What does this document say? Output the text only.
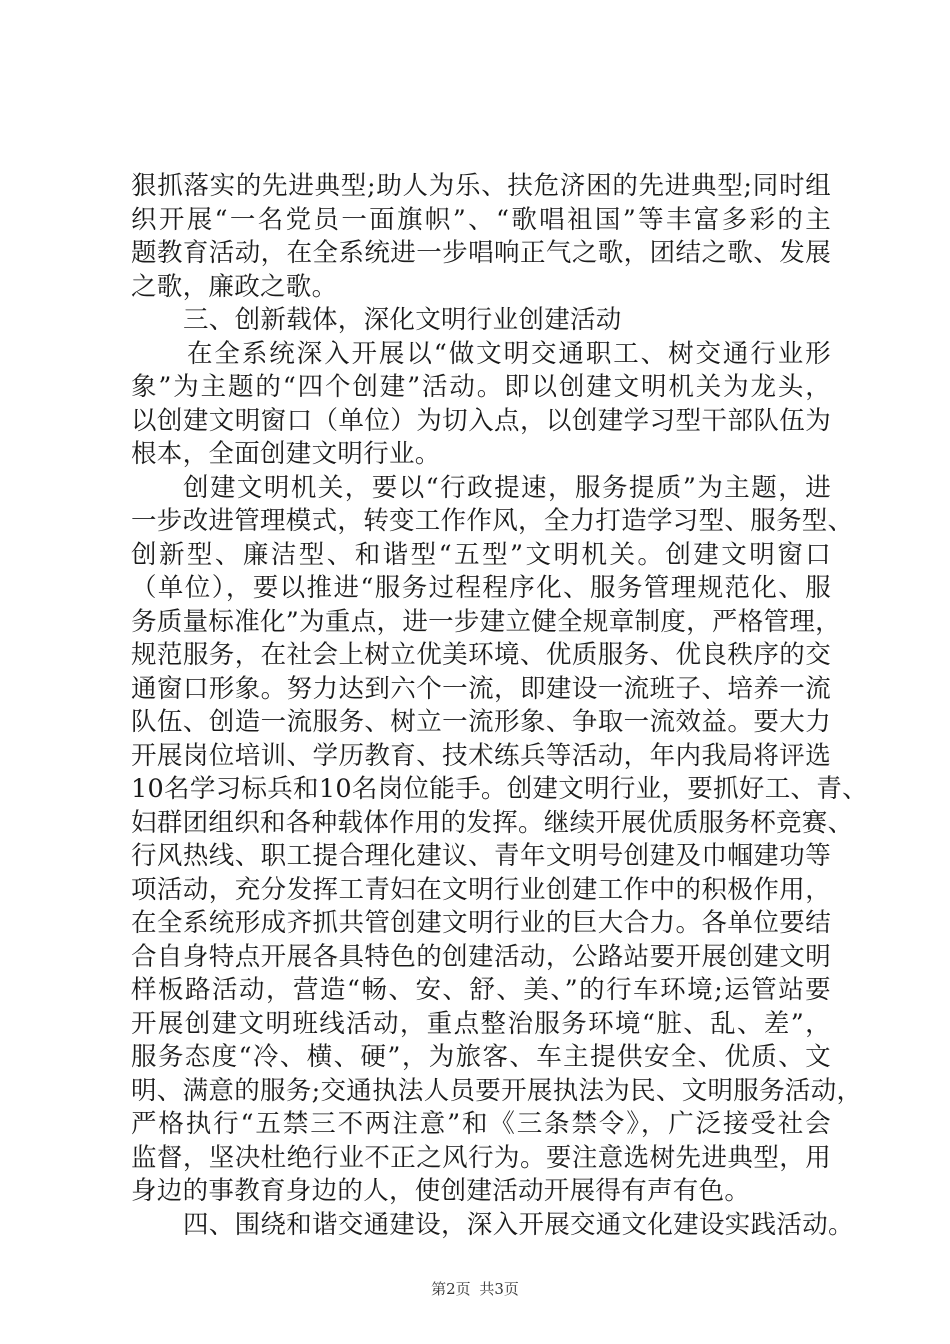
狠抓落实的先进典型;助人为乐、扶危济困的先进典型;同时组
织开展“一名党员一面旗帜”、“歌唱祖国”等丰富多彩的主
题教育活动，在全系统进一步唱响正气之歌，团结之歌、发展
之歌，廉政之歌。
三、创新载体，深化文明行业创建活动
在全系统深入开展以“做文明交通职工、树交通行业形
象”为主题的“四个创建”活动。即以创建文明机关为龙头，
以创建文明窗口（单位）为切入点，以创建学习型干部队伍为
根本，全面创建文明行业。
创建文明机关，要以“行政提速，服务提质”为主题，进
一步改进管理模式，转变工作作风，全力打造学习型、服务型、
创新型、廉洁型、和谐型“五型”文明机关。创建文明窗口
（单位），要以推进“服务过程程序化、服务管理规范化、服
务质量标准化”为重点，进一步建立健全规章制度，严格管理，
规范服务，在社会上树立优美环境、优质服务、优良秩序的交
通窗口形象。努力达到六个一流，即建设一流班子、培养一流
队伍、创造一流服务、树立一流形象、争取一流效益。要大力
开展岗位培训、学历教育、技术练兵等活动，年内我局将评选
10名学习标兵和10名岗位能手。创建文明行业，要抓好工、青、
妇群团组织和各种载体作用的发挥。继续开展优质服务杯竞赛、
行风热线、职工提合理化建议、青年文明号创建及巾帼建功等
项活动，充分发挥工青妇在文明行业创建工作中的积极作用，
在全系统形成齐抓共管创建文明行业的巨大合力。各单位要结
合自身特点开展各具特色的创建活动，公路站要开展创建文明
样板路活动，营造“畅、安、舒、美、”的行车环境;运管站要
开展创建文明班线活动，重点整治服务环境“脏、乱、差”，
服务态度“冷、横、硬”，为旅客、车主提供安全、优质、文
明、满意的服务;交通执法人员要开展执法为民、文明服务活动，
严格执行“五禁三不两注意”和《三条禁令》，广泛接受社会
监督，坚决杜绝行业不正之风行为。要注意选树先进典型，用
身边的事教育身边的人，使创建活动开展得有声有色。
四、围绕和谐交通建设，深入开展交通文化建设实践活动。
第2页 共3页
